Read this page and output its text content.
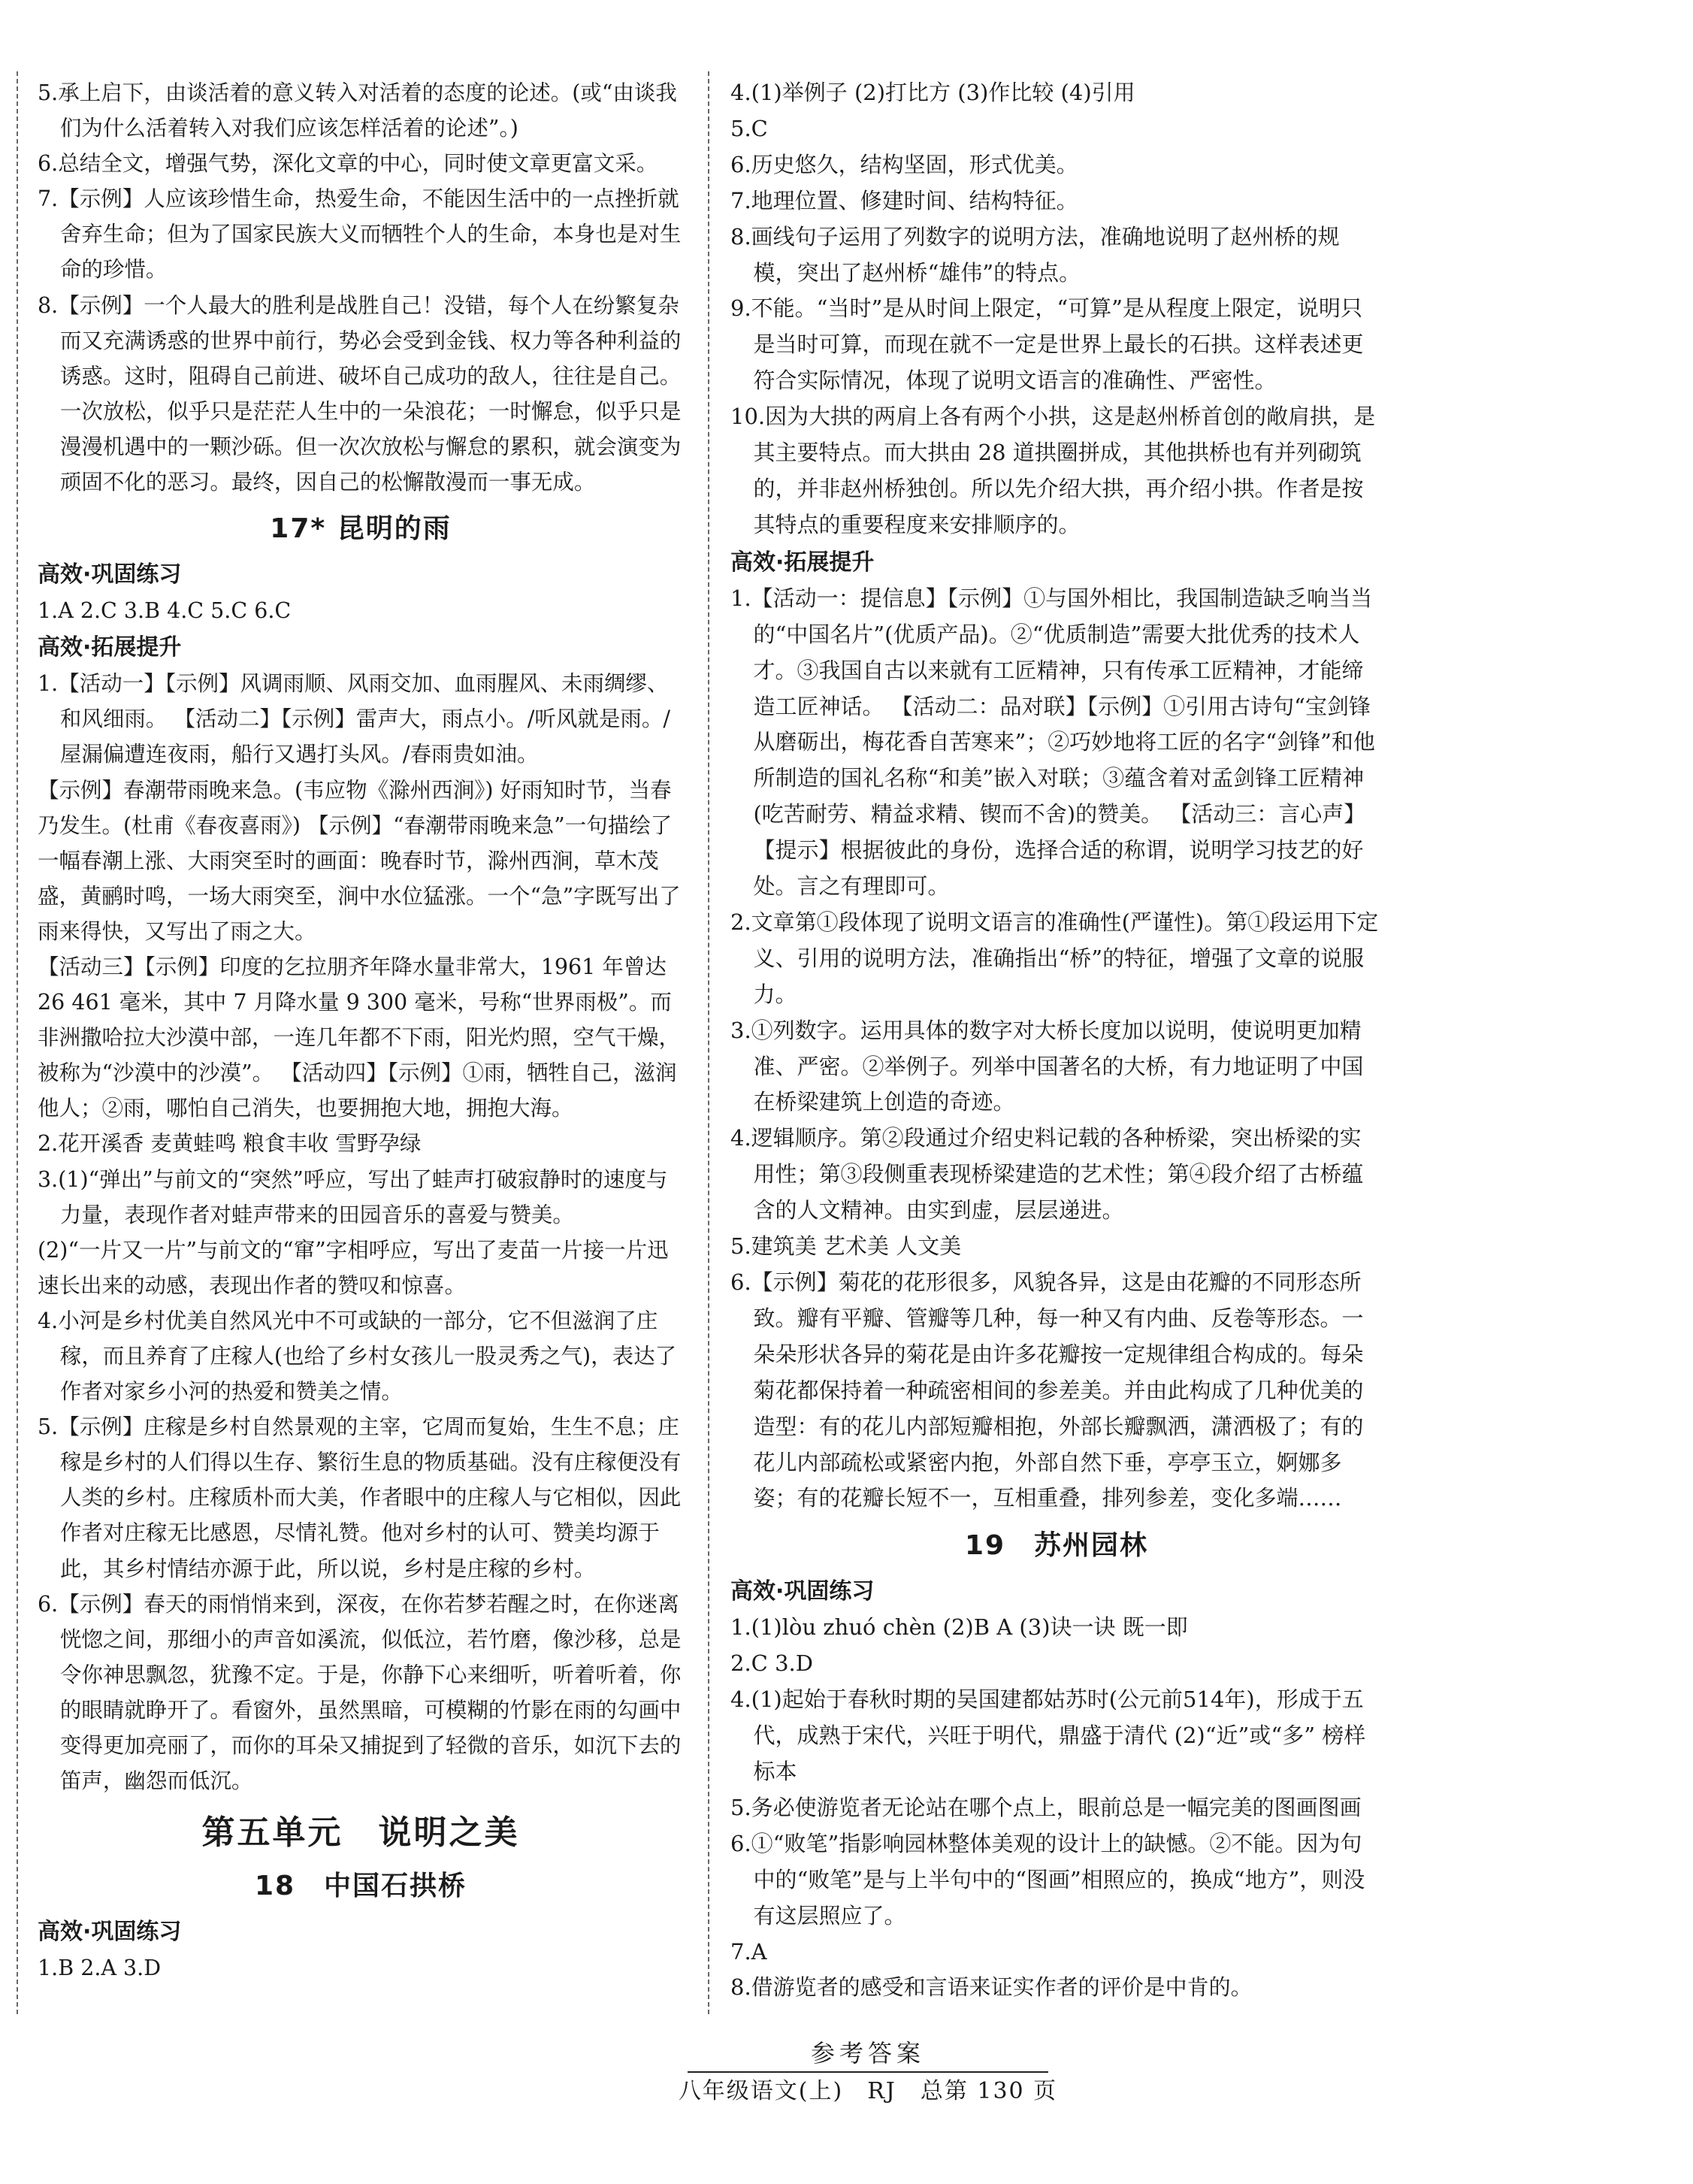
5.承上启下，由谈活着的意义转入对活着的态度的论述。(或“由谈我们为什么活着转入对我们应该怎样活着的论述”。)
6.总结全文，增强气势，深化文章的中心，同时使文章更富文采。
7.【示例】人应该珍惜生命，热爱生命，不能因生活中的一点挫折就舍弃生命；但为了国家民族大义而牺牲个人的生命，本身也是对生命的珍惜。
8.【示例】一个人最大的胜利是战胜自己！没错，每个人在纷繁复杂而又充满诱惑的世界中前行，势必会受到金钱、权力等各种利益的诱惑。这时，阻碍自己前进、破坏自己成功的敌人，往往是自己。一次放松，似乎只是茫茫人生中的一朵浪花；一时懈怠，似乎只是漫漫机遇中的一颗沙砾。但一次次放松与懈怠的累积，就会演变为顽固不化的恶习。最终，因自己的松懈散漫而一事无成。
17* 昆明的雨
高效·巩固练习
1.A 2.C 3.B 4.C 5.C 6.C
高效·拓展提升
1.【活动一】【示例】风调雨顺、风雨交加、血雨腥风、未雨绸缪、和风细雨。 【活动二】【示例】雷声大，雨点小。/听风就是雨。/屋漏偏遭连夜雨，船行又遇打头风。/春雨贵如油。
【示例】春潮带雨晚来急。(韦应物《滁州西涧》) 好雨知时节，当春乃发生。(杜甫《春夜喜雨》) 【示例】“春潮带雨晚来急”一句描绘了一幅春潮上涨、大雨突至时的画面：晚春时节，滁州西涧，草木茂盛，黄鹂时鸣，一场大雨突至，涧中水位猛涨。一个“急”字既写出了雨来得快，又写出了雨之大。
【活动三】【示例】印度的乞拉朋齐年降水量非常大，1961 年曾达 26 461 毫米，其中 7 月降水量 9 300 毫米，号称“世界雨极”。而非洲撒哈拉大沙漠中部，一连几年都不下雨，阳光灼照，空气干燥，被称为“沙漠中的沙漠”。 【活动四】【示例】①雨，牺牲自己，滋润他人；②雨，哪怕自己消失，也要拥抱大地，拥抱大海。
2.花开溪香 麦黄蛙鸣 粮食丰收 雪野孕绿
3.(1)“弹出”与前文的“突然”呼应，写出了蛙声打破寂静时的速度与力量，表现作者对蛙声带来的田园音乐的喜爱与赞美。
(2)“一片又一片”与前文的“窜”字相呼应，写出了麦苗一片接一片迅速长出来的动感，表现出作者的赞叹和惊喜。
4.小河是乡村优美自然风光中不可或缺的一部分，它不但滋润了庄稼，而且养育了庄稼人(也给了乡村女孩儿一股灵秀之气)，表达了作者对家乡小河的热爱和赞美之情。
5.【示例】庄稼是乡村自然景观的主宰，它周而复始，生生不息；庄稼是乡村的人们得以生存、繁衍生息的物质基础。没有庄稼便没有人类的乡村。庄稼质朴而大美，作者眼中的庄稼人与它相似，因此作者对庄稼无比感恩，尽情礼赞。他对乡村的认可、赞美均源于此，其乡村情结亦源于此，所以说，乡村是庄稼的乡村。
6.【示例】春天的雨悄悄来到，深夜，在你若梦若醒之时，在你迷离恍惚之间，那细小的声音如溪流，似低泣，若竹磨，像沙移，总是令你神思飘忽，犹豫不定。于是，你静下心来细听，听着听着，你的眼睛就睁开了。看窗外，虽然黑暗，可模糊的竹影在雨的勾画中变得更加亮丽了，而你的耳朵又捕捉到了轻微的音乐，如沉下去的笛声，幽怨而低沉。
第五单元　说明之美
18　中国石拱桥
高效·巩固练习
1.B 2.A 3.D
4.(1)举例子 (2)打比方 (3)作比较 (4)引用
5.C
6.历史悠久，结构坚固，形式优美。
7.地理位置、修建时间、结构特征。
8.画线句子运用了列数字的说明方法，准确地说明了赵州桥的规模，突出了赵州桥“雄伟”的特点。
9.不能。“当时”是从时间上限定，“可算”是从程度上限定，说明只是当时可算，而现在就不一定是世界上最长的石拱。这样表述更符合实际情况，体现了说明文语言的准确性、严密性。
10.因为大拱的两肩上各有两个小拱，这是赵州桥首创的敞肩拱，是其主要特点。而大拱由 28 道拱圈拼成，其他拱桥也有并列砌筑的，并非赵州桥独创。所以先介绍大拱，再介绍小拱。作者是按其特点的重要程度来安排顺序的。
高效·拓展提升
1.【活动一：提信息】【示例】①与国外相比，我国制造缺乏响当当的“中国名片”(优质产品)。②“优质制造”需要大批优秀的技术人才。③我国自古以来就有工匠精神，只有传承工匠精神，才能缔造工匠神话。 【活动二：品对联】【示例】①引用古诗句“宝剑锋从磨砺出，梅花香自苦寒来”；②巧妙地将工匠的名字“剑锋”和他所制造的国礼名称“和美”嵌入对联；③蕴含着对孟剑锋工匠精神(吃苦耐劳、精益求精、锲而不舍)的赞美。 【活动三：言心声】【提示】根据彼此的身份，选择合适的称谓，说明学习技艺的好处。言之有理即可。
2.文章第①段体现了说明文语言的准确性(严谨性)。第①段运用下定义、引用的说明方法，准确指出“桥”的特征，增强了文章的说服力。
3.①列数字。运用具体的数字对大桥长度加以说明，使说明更加精准、严密。②举例子。列举中国著名的大桥，有力地证明了中国在桥梁建筑上创造的奇迹。
4.逻辑顺序。第②段通过介绍史料记载的各种桥梁，突出桥梁的实用性；第③段侧重表现桥梁建造的艺术性；第④段介绍了古桥蕴含的人文精神。由实到虚，层层递进。
5.建筑美 艺术美 人文美
6.【示例】菊花的花形很多，风貌各异，这是由花瓣的不同形态所致。瓣有平瓣、管瓣等几种，每一种又有内曲、反卷等形态。一朵朵形状各异的菊花是由许多花瓣按一定规律组合构成的。每朵菊花都保持着一种疏密相间的参差美。并由此构成了几种优美的造型：有的花儿内部短瓣相抱，外部长瓣飘洒，潇洒极了；有的花儿内部疏松或紧密内抱，外部自然下垂，亭亭玉立，婀娜多姿；有的花瓣长短不一，互相重叠，排列参差，变化多端……
19　苏州园林
高效·巩固练习
1.(1)lòu zhuó chèn (2)B A (3)诀一诀 既一即
2.C 3.D
4.(1)起始于春秋时期的吴国建都姑苏时(公元前514年)，形成于五代，成熟于宋代，兴旺于明代，鼎盛于清代 (2)“近”或“多” 榜样 标本
5.务必使游览者无论站在哪个点上，眼前总是一幅完美的图画图画
6.①“败笔”指影响园林整体美观的设计上的缺憾。②不能。因为句中的“败笔”是与上半句中的“图画”相照应的，换成“地方”，则没有这层照应了。
7.A
8.借游览者的感受和言语来证实作者的评价是中肯的。
参考答案
八年级语文(上)　RJ　总第 130 页
